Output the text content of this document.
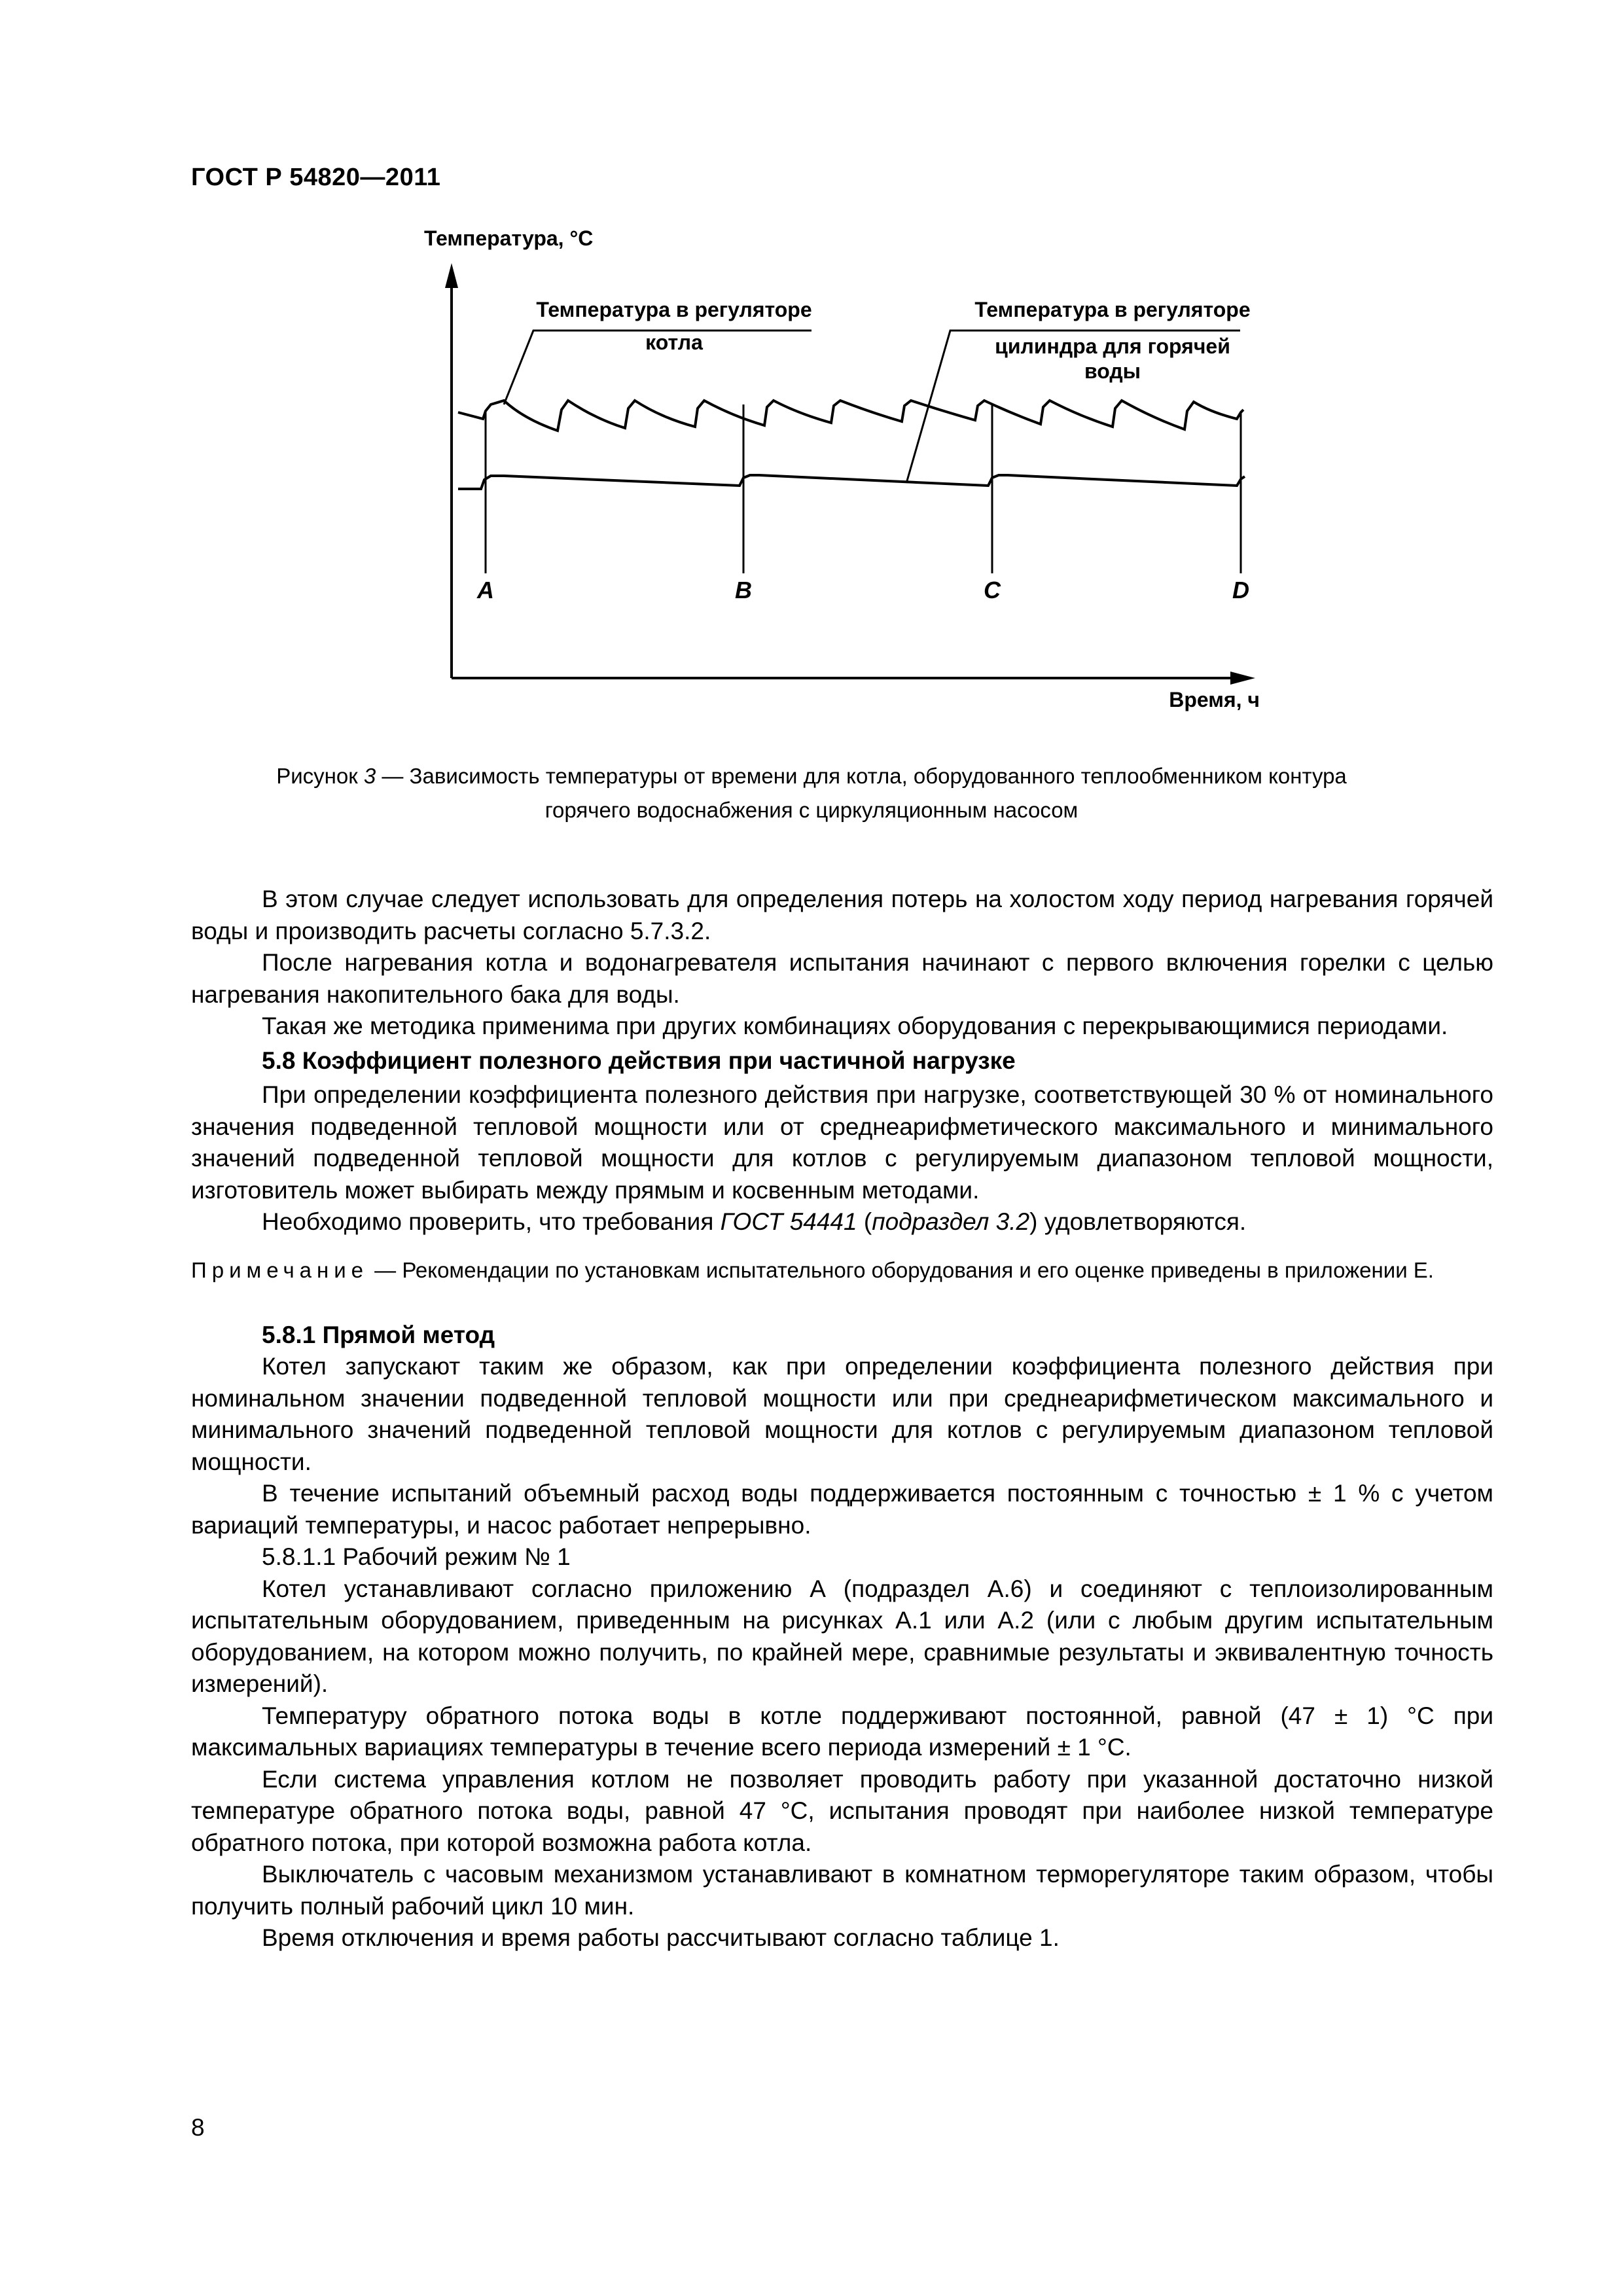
ГОСТ Р 54820—2011
Температура, °С
Время, ч
Температура в регуляторе
котла
Температура в регуляторе
цилиндра для горячей
воды
A	B	C	D
Рисунок 3 — Зависимость температуры от времени для котла, оборудованного теплообменником контура
горячего водоснабжения с циркуляционным насосом

В этом случае следует использовать для определения потерь на холостом ходу период нагревания горячей воды и производить расчеты согласно 5.7.3.2.

После нагревания котла и водонагревателя испытания начинают с первого включения горелки с целью нагревания накопительного бака для воды.

Такая же методика применима при других комбинациях оборудования с перекрывающимися периодами.

5.8 Коэффициент полезного действия при частичной нагрузке

При определении коэффициента полезного действия при нагрузке, соответствующей 30 % от номинального значения подведенной тепловой мощности или от среднеарифметического максимального и минимального значений подведенной тепловой мощности для котлов с регулируемым диапазоном тепловой мощности, изготовитель может выбирать между прямым и косвенным методами.

Необходимо проверить, что требования ГОСТ 54441 (подраздел 3.2) удовлетворяются.

Примечание — Рекомендации по установкам испытательного оборудования и его оценке приведены в приложении Е.

5.8.1 Прямой метод

Котел запускают таким же образом, как при определении коэффициента полезного действия при номинальном значении подведенной тепловой мощности или при среднеарифметическом максимального и минимального значений подведенной тепловой мощности для котлов с регулируемым диапазоном тепловой мощности.

В течение испытаний объемный расход воды поддерживается постоянным с точностью ± 1 % с учетом вариаций температуры, и насос работает непрерывно.

5.8.1.1 Рабочий режим № 1

Котел устанавливают согласно приложению А (подраздел А.6) и соединяют с теплоизолированным испытательным оборудованием, приведенным на рисунках А.1 или А.2 (или с любым другим испытательным оборудованием, на котором можно получить, по крайней мере, сравнимые результаты и эквивалентную точность измерений).

Температуру обратного потока воды в котле поддерживают постоянной, равной (47 ± 1) °С при максимальных вариациях температуры в течение всего периода измерений ± 1 °С.

Если система управления котлом не позволяет проводить работу при указанной достаточно низкой температуре обратного потока воды, равной 47 °С, испытания проводят при наиболее низкой температуре обратного потока, при которой возможна работа котла.

Выключатель с часовым механизмом устанавливают в комнатном терморегуляторе таким образом, чтобы получить полный рабочий цикл 10 мин.

Время отключения и время работы рассчитывают согласно таблице 1.

8
